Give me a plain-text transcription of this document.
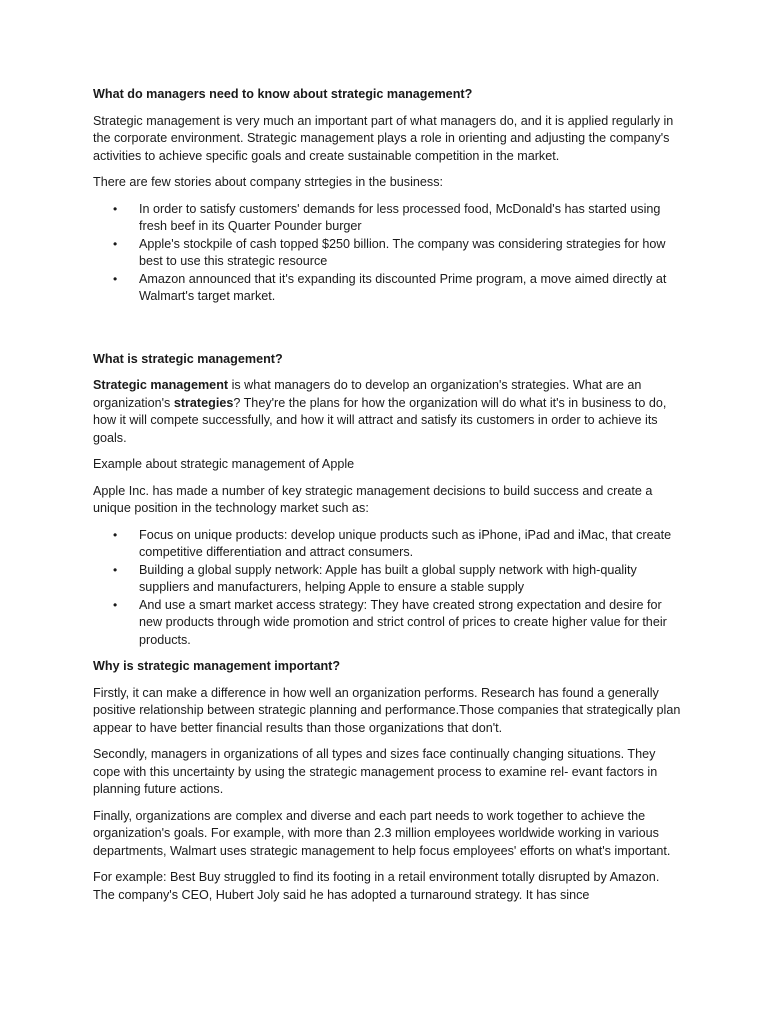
What do managers need to know about strategic management?

Strategic management is very much an important part of what managers do, and it is applied regularly in the corporate environment. Strategic management plays a role in orienting and adjusting the company's activities to achieve specific goals and create sustainable competition in the market.

There are few stories about company strtegies in the business:

• In order to satisfy customers' demands for less processed food, McDonald's has started using fresh beef in its Quarter Pounder burger
• Apple's stockpile of cash topped $250 billion. The company was considering strategies for how best to use this strategic resource
• Amazon announced that it's expanding its discounted Prime program, a move aimed directly at Walmart's target market.
What is strategic management?

Strategic management is what managers do to develop an organization's strategies. What are an organization's strategies? They're the plans for how the organization will do what it's in business to do, how it will compete successfully, and how it will attract and satisfy its customers in order to achieve its goals.

Example about strategic management of Apple

Apple Inc. has made a number of key strategic management decisions to build success and create a unique position in the technology market such as:

• Focus on unique products: develop unique products such as iPhone, iPad and iMac, that create competitive differentiation and attract consumers.
• Building a global supply network: Apple has built a global supply network with high-quality suppliers and manufacturers, helping Apple to ensure a stable supply
• And use a smart market access strategy: They have created strong expectation and desire for new products through wide promotion and strict control of prices to create higher value for their products.
Why is strategic management important?

Firstly, it can make a difference in how well an organization performs. Research has found a generally positive relationship between strategic planning and performance.Those companies that strategically plan appear to have better financial results than those organizations that don't.

Secondly, managers in organizations of all types and sizes face continually changing situations. They cope with this uncertainty by using the strategic management process to examine rel- evant factors in planning future actions.

Finally, organizations are complex and diverse and each part needs to work together to achieve the organization's goals. For example, with more than 2.3 million employees worldwide working in various departments, Walmart uses strategic management to help focus employees' efforts on what's important.

For example: Best Buy struggled to find its footing in a retail environment totally disrupted by Amazon. The company's CEO, Hubert Joly said he has adopted a turnaround strategy. It has since
